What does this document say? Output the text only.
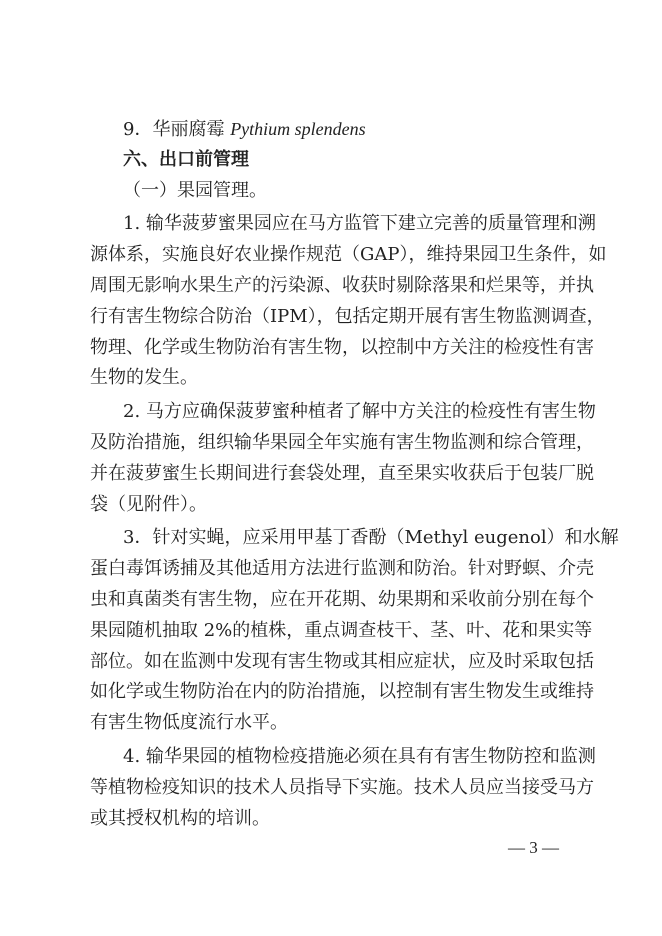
9．华丽腐霉 Pythium splendens
六、出口前管理
（一）果园管理。
1. 输华菠萝蜜果园应在马方监管下建立完善的质量管理和溯
源体系，实施良好农业操作规范（GAP），维持果园卫生条件，如
周围无影响水果生产的污染源、收获时剔除落果和烂果等，并执
行有害生物综合防治（IPM），包括定期开展有害生物监测调查，
物理、化学或生物防治有害生物，以控制中方关注的检疫性有害
生物的发生。
2. 马方应确保菠萝蜜种植者了解中方关注的检疫性有害生物
及防治措施，组织输华果园全年实施有害生物监测和综合管理，
并在菠萝蜜生长期间进行套袋处理，直至果实收获后于包装厂脱
袋（见附件）。
3．针对实蝇，应采用甲基丁香酚（Methyl eugenol）和水解
蛋白毒饵诱捕及其他适用方法进行监测和防治。针对野螟、介壳
虫和真菌类有害生物，应在开花期、幼果期和采收前分别在每个
果园随机抽取 2%的植株，重点调查枝干、茎、叶、花和果实等
部位。如在监测中发现有害生物或其相应症状，应及时采取包括
如化学或生物防治在内的防治措施，以控制有害生物发生或维持
有害生物低度流行水平。
4. 输华果园的植物检疫措施必须在具有有害生物防控和监测
等植物检疫知识的技术人员指导下实施。技术人员应当接受马方
或其授权机构的培训。
— 3 —
